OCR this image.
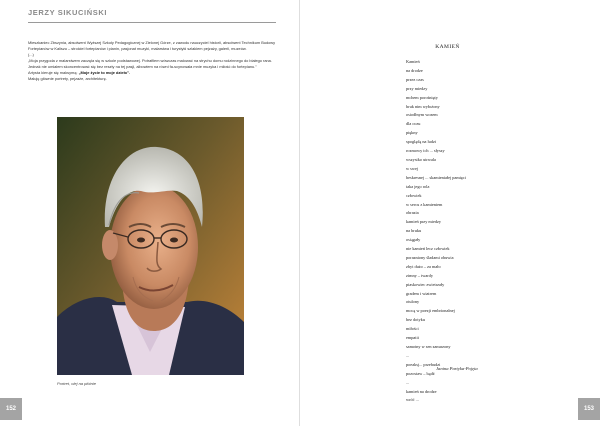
JERZY SIKUCIŃSKI

Mieszkaniec Zbszynia, absolwent Wyższej Szkoły Pedagogicznej w Zielonej Górze, z zawodu nauczyciel historii, absolwent Technikum Budowy Fortepianów w Kaliszu – stroiciel fortepianów i pianin, pasjonat muzyki, malarstwa i turystyki szlakiem pejzaży, galerii, muzeów.

(...)

„Moja przygoda z malarstwem zaczęła się w szkole podstawowej. Potrafiłem wówczas malować na strychu domu rodzinnego do białego rana. Jednak nie umiałem skoncentrować się bez reszty na tej pasji, albowiem na równi fa-scynowała mnie muzyka i miłość do fortepianu.”

Artysta kieruje się maksymą: „Moje życie to moje dzieło”.

Maluję głównie portrety, pejzaże, architekturę.

Portret, olej na płótnie
152
KAMIEŃ
Kamień
na drodze
przez czas
przy miedzy
mchem porośnięty
bruk nim wyłożony
osiodłnym wozem
dla oczu
piękny
spoglądą na ludzi
rozmowy ich ... słyszy
wszystko utrwala
w swej
beskresnej ... skamieniałej pamięci
taka jego rola
człowiek
w sercu z kamieniem
obrazia
kamień przy miedzy
na bruku
osiągały
nie kamień lecz człowiek
porazniony śladami obuwia
zbyt dużo – za mało
zimny – twardy
piaskowiec zwietrzały
gradem i wiatrem
otulony
mocą w poezji embrionalnej
bez dotyku
miłości
empatii
samotny w sen zanurzony
...
poeaksj... przebudzi
pozostaw – bądź
...
kamień na drodze
wróć ...
Janina Partyka-Pojęta
153
